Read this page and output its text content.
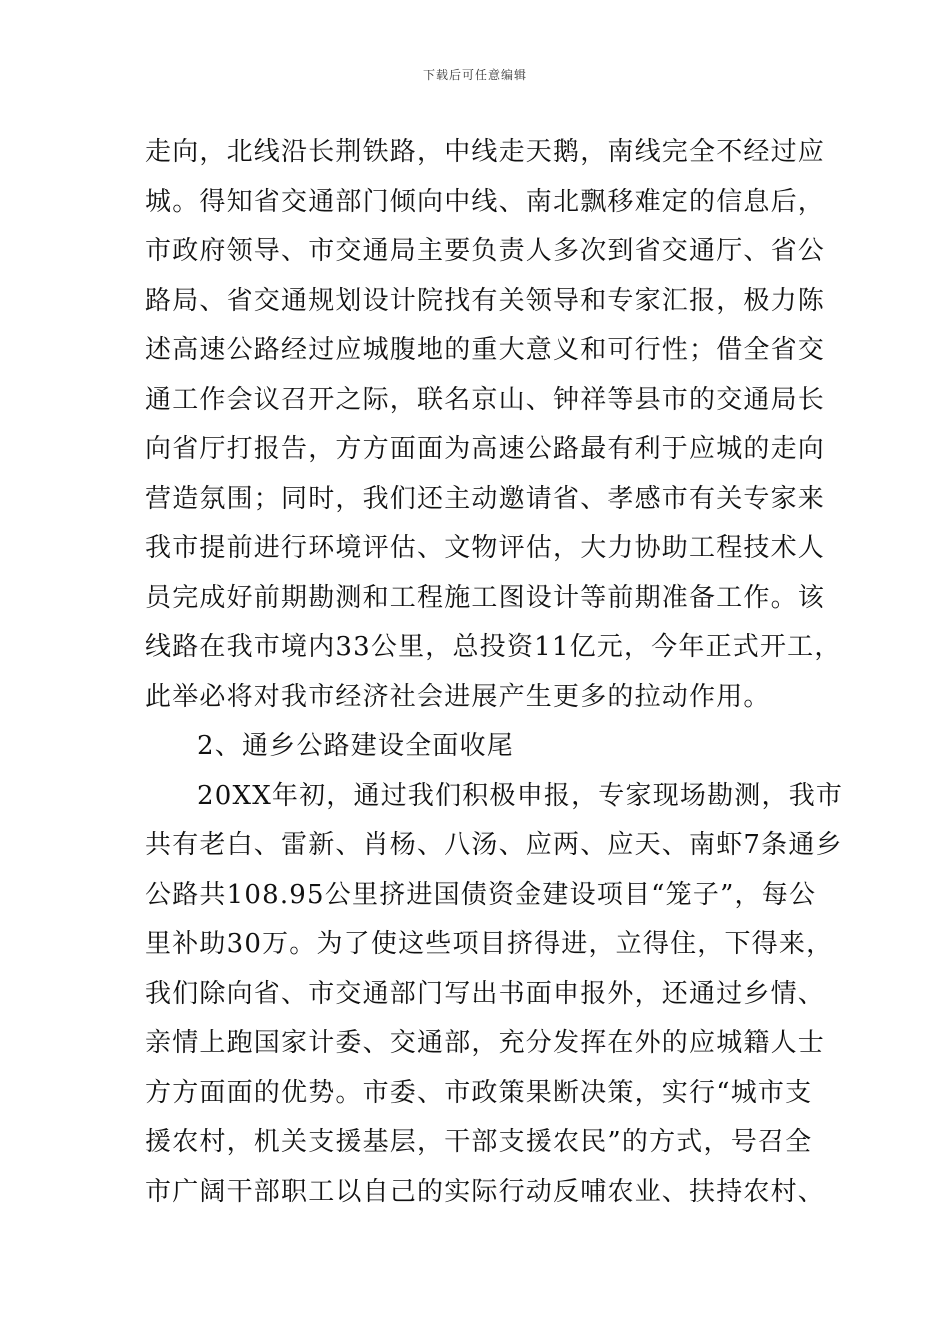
下载后可任意编辑
走向，北线沿长荆铁路，中线走天鹅，南线完全不经过应
城。得知省交通部门倾向中线、南北飘移难定的信息后，
市政府领导、市交通局主要负责人多次到省交通厅、省公
路局、省交通规划设计院找有关领导和专家汇报，极力陈
述高速公路经过应城腹地的重大意义和可行性；借全省交
通工作会议召开之际，联名京山、钟祥等县市的交通局长
向省厅打报告，方方面面为高速公路最有利于应城的走向
营造氛围；同时，我们还主动邀请省、孝感市有关专家来
我市提前进行环境评估、文物评估，大力协助工程技术人
员完成好前期勘测和工程施工图设计等前期准备工作。该
线路在我市境内33公里，总投资11亿元，今年正式开工，
此举必将对我市经济社会进展产生更多的拉动作用。
2、通乡公路建设全面收尾
20XX年初，通过我们积极申报，专家现场勘测，我市
共有老白、雷新、肖杨、八汤、应两、应天、南虾7条通乡
公路共108.95公里挤进国债资金建设项目“笼子”，每公
里补助30万。为了使这些项目挤得进，立得住，下得来，
我们除向省、市交通部门写出书面申报外，还通过乡情、
亲情上跑国家计委、交通部，充分发挥在外的应城籍人士
方方面面的优势。市委、市政策果断决策，实行“城市支
援农村，机关支援基层，干部支援农民”的方式，号召全
市广阔干部职工以自己的实际行动反哺农业、扶持农村、
